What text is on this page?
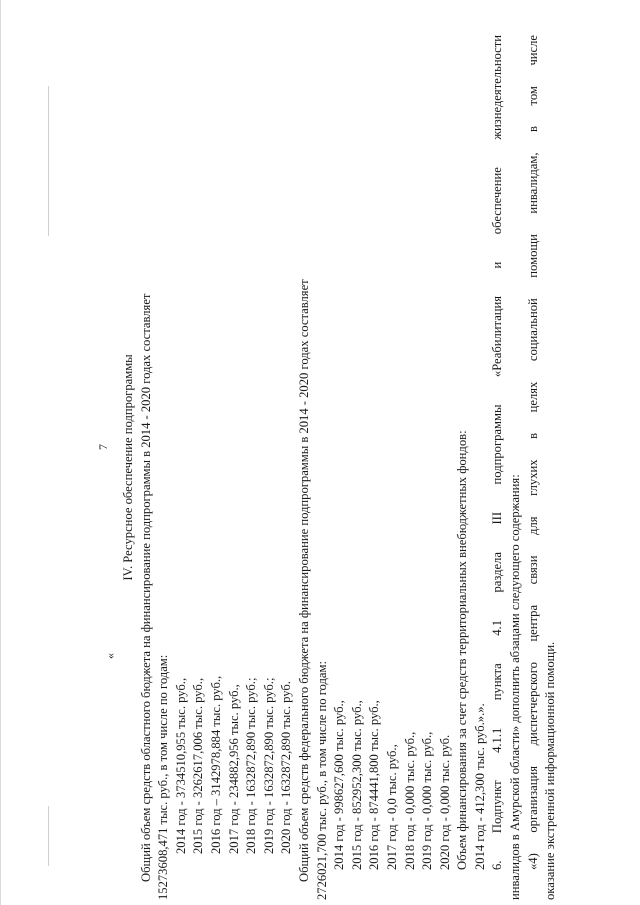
7
«
IV. Ресурсное обеспечение подпрограммы Общий объем средств областного бюджета на финансирование подпрограммы в 2014 - 2020 годах составляет 15273608,471 тыс. руб., в том числе по годам: 2014 год - 3734510,955 тыс. руб., 2015 год - 3262617,006 тыс. руб., 2016 год – 3142978,884 тыс. руб., 2017 год - 234882,956 тыс. руб., 2018 год - 1632872,890 тыс. руб.; 2019 год - 1632872,890 тыс. руб.; 2020 год - 1632872,890 тыс. руб. Общий объем средств федерального бюджета на финансирование подпрограммы в 2014 - 2020 годах составляет 2726021,700 тыс. руб., в том числе по годам: 2014 год - 998627,600 тыс. руб., 2015 год - 852952,300 тыс. руб., 2016 год - 874441,800 тыс. руб., 2017 год - 0,0 тыс. руб., 2018 год - 0,000 тыс. руб., 2019 год - 0,000 тыс. руб., 2020 год - 0,000 тыс. руб. Объем финансирования за счет средств территориальных внебюджетных фондов: 2014 год - 412,300 тыс. руб.».». 6. Подпункт 4.1.1 пункта 4.1 раздела III подпрограммы «Реабилитация и обеспечение жизнедеятельности инвалидов в Амурской области» дополнить абзацами следующего содержания: «4) организация диспетчерского центра связи для глухих в целях социальной помощи инвалидам, в том числе оказание экстренной информационной помощи.
